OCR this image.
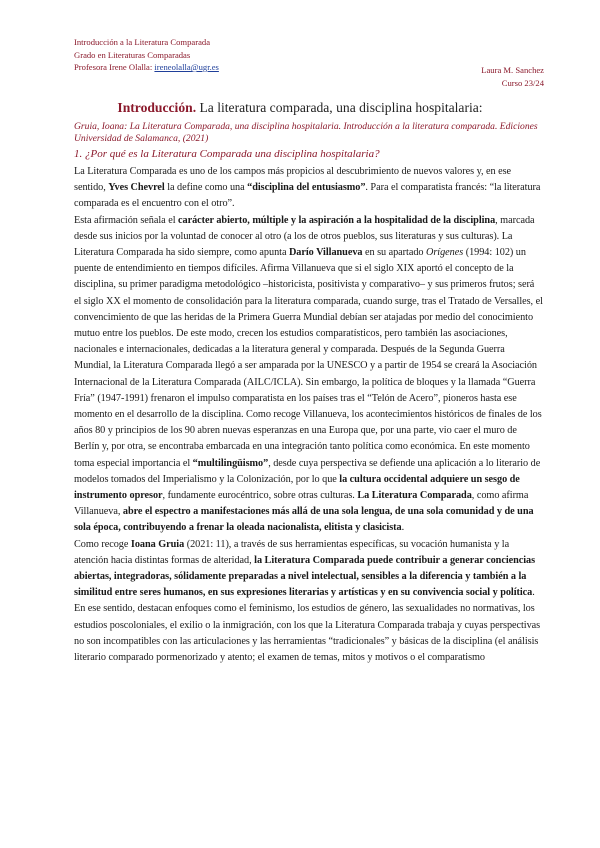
Introducción a la Literatura Comparada
Grado en Literaturas Comparadas
Profesora Irene Olalla: ireneolalla@ugr.es	Laura M. Sanchez
Curso 23/24
Introducción. La literatura comparada, una disciplina hospitalaria:
Gruia, Ioana: La Literatura Comparada, una disciplina hospitalaria. Introducción a la literatura comparada. Ediciones Universidad de Salamanca, (2021)
1. ¿Por qué es la Literatura Comparada una disciplina hospitalaria?

La Literatura Comparada es uno de los campos más propicios al descubrimiento de nuevos valores y, en ese sentido, Yves Chevrel la define como una “disciplina del entusiasmo”. Para el comparatista francés: “la literatura comparada es el encuentro con el otro”.

Esta afirmación señala el carácter abierto, múltiple y la aspiración a la hospitalidad de la disciplina, marcada desde sus inicios por la voluntad de conocer al otro (a los de otros pueblos, sus literaturas y sus culturas). La Literatura Comparada ha sido siempre, como apunta Darío Villanueva en su apartado Orígenes (1994: 102) un puente de entendimiento en tiempos difíciles. Afirma Villanueva que si el siglo XIX aportó el concepto de la disciplina, su primer paradigma metodológico –historicista, positivista y comparativo– y sus primeros frutos; será el siglo XX el momento de consolidación para la literatura comparada, cuando surge, tras el Tratado de Versalles, el convencimiento de que las heridas de la Primera Guerra Mundial debían ser atajadas por medio del conocimiento mutuo entre los pueblos. De este modo, crecen los estudios comparatísticos, pero también las asociaciones, nacionales e internacionales, dedicadas a la literatura general y comparada. Después de la Segunda Guerra Mundial, la Literatura Comparada llegó a ser amparada por la UNESCO y a partir de 1954 se creará la Asociación Internacional de la Literatura Comparada (AILC/ICLA). Sin embargo, la política de bloques y la llamada “Guerra Fría” (1947-1991) frenaron el impulso comparatista en los países tras el “Telón de Acero”, pioneros hasta ese momento en el desarrollo de la disciplina. Como recoge Villanueva, los acontecimientos históricos de finales de los años 80 y principios de los 90 abren nuevas esperanzas en una Europa que, por una parte, vio caer el muro de Berlín y, por otra, se encontraba embarcada en una integración tanto política como económica. En este momento toma especial importancia el “multilingüismo”, desde cuya perspectiva se defiende una aplicación a lo literario de modelos tomados del Imperialismo y la Colonización, por lo que la cultura occidental adquiere un sesgo de instrumento opresor, fundamente eurocéntrico, sobre otras culturas. La Literatura Comparada, como afirma Villanueva, abre el espectro a manifestaciones más allá de una sola lengua, de una sola comunidad y de una sola época, contribuyendo a frenar la oleada nacionalista, elitista y clasicista.

Como recoge Ioana Gruia (2021: 11), a través de sus herramientas específicas, su vocación humanista y la atención hacia distintas formas de alteridad, la Literatura Comparada puede contribuir a generar conciencias abiertas, integradoras, sólidamente preparadas a nivel intelectual, sensibles a la diferencia y también a la similitud entre seres humanos, en sus expresiones literarias y artísticas y en su convivencia social y política. En ese sentido, destacan enfoques como el feminismo, los estudios de género, las sexualidades no normativas, los estudios poscoloniales, el exilio o la inmigración, con los que la Literatura Comparada trabaja y cuyas perspectivas no son incompatibles con las articulaciones y las herramientas “tradicionales” y básicas de la disciplina (el análisis literario comparado pormenorizado y atento; el examen de temas, mitos y motivos o el comparatismo
